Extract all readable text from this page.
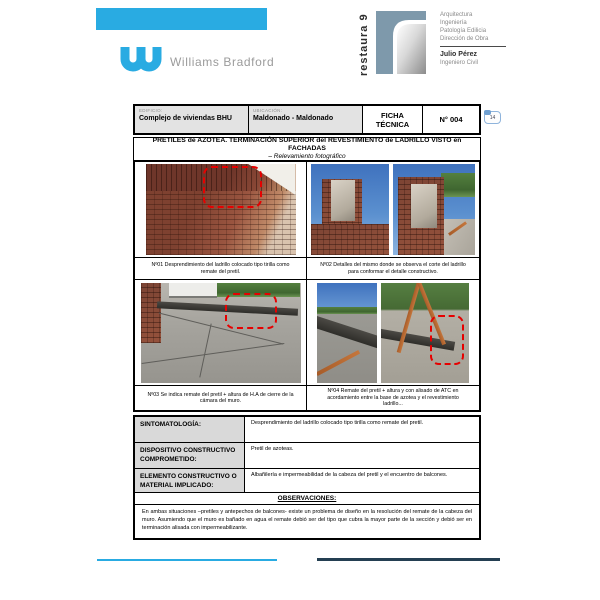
Williams Bradford	restaura 9	Arquitectura
Ingeniería
Patología Edilicia
Dirección de Obra
Julio Pérez
Ingeniero Civil
EDIFICIO:
Complejo de viviendas BHU
UBICACIÓN:
Maldonado - Maldonado	FICHA TÉCNICA	N° 004	14
PRETILES de AZOTEA. TERMINACIÓN SUPERIOR del REVESTIMIENTO de LADRILLO VISTO en FACHADAS
– Relevamiento fotográfico
Nº01 Desprendimiento del ladrillo colocado tipo tirilla como remate del pretil.
Nº02 Detalles del mismo donde se observa el corte del ladrillo para conformar el detalle constructivo.
Nº03 Se indica remate del pretil + altura de H.A de cierre de la cámara del muro.
Nº04 Remate del pretil + altura y con alisado de ATC en acordamiento entre la base de azotea y el revestimiento ladrillo...
SINTOMATOLOGÍA:	Desprendimiento del ladrillo colocado tipo tirilla como remate del pretil.
DISPOSITIVO CONSTRUCTIVO COMPROMETIDO:
Pretil de azoteas.
ELEMENTO CONSTRUCTIVO O MATERIAL IMPLICADO:
Albañilería e impermeabilidad de la cabeza del pretil y el encuentro de balcones.
OBSERVACIONES:
En ambas situaciones –pretiles y antepechos de balcones- existe un problema de diseño en la resolución del remate de la cabeza del muro. Asumiendo que el muro es bañado en agua el remate debió ser del tipo que cubra la mayor parte de la sección y debió ser en terminación alisada con impermeabilizante.
